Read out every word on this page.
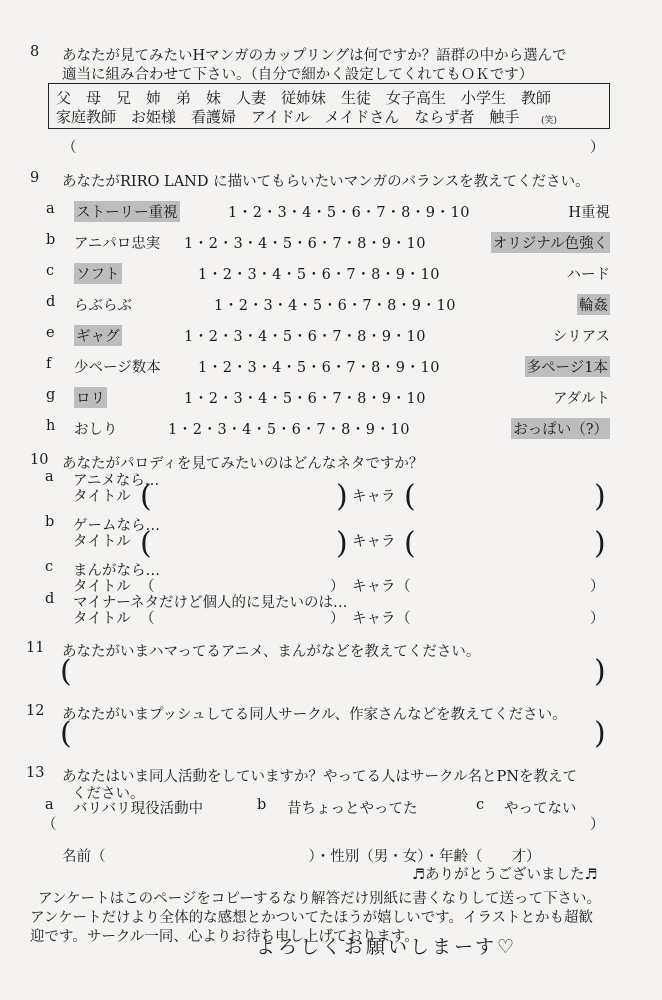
8 あなたが見てみたいHマンガのカップリングは何ですか？語群の中から選んで
適当に組み合わせて下さい。（自分で細かく設定してくれてもＯＫです）
父　母　兄　姉　弟　妹　人妻　従姉妹　生徒　女子高生　小学生　教師
家庭教師　お姫様　看護婦　アイドル　メイドさん　ならず者　触手 (笑)
（	）
9 あなたがRIRO LAND に描いてもらいたいマンガのバランスを教えてください。
a ストーリー重視	1・2・3・4・5・6・7・8・9・10	H重視
b アニパロ忠実 1・2・3・4・5・6・7・8・9・10	オリジナル色強く
c ソフト	1・2・3・4・5・6・7・8・9・10	ハード
d らぶらぶ	1・2・3・4・5・6・7・8・9・10	輪姦
e ギャグ	1・2・3・4・5・6・7・8・9・10	シリアス
f 少ページ数本	1・2・3・4・5・6・7・8・9・10	多ページ1本
g ロリ	1・2・3・4・5・6・7・8・9・10	アダルト
h おしり	1・2・3・4・5・6・7・8・9・10	おっぱい（?）
10 あなたがパロディを見てみたいのはどんなネタですか？
a アニメなら…
タイトル (	) キャラ (	)
b ゲームなら…
タイトル (	) キャラ (	)
c まんがなら…
タイトル （	） キャラ （	）
d マイナーネタだけど個人的に見たいのは…
タイトル （	） キャラ （	）
11 あなたがいまハマってるアニメ、まんがなどを教えてください。
(	)
12 あなたがいまプッシュしてる同人サークル、作家さんなどを教えてください。
(	)
13 あなたはいま同人活動をしていますか？やってる人はサークル名とPNを教えて
ください。
a バリバリ現役活動中	b 昔ちょっとやってた	c やってない
（	）
名前（　　　　　　　　　　　　　　）・性別（男・女）・年齢（　　才）
♬ありがとうございました♬
アンケートはこのページをコピーするなり解答だけ別紙に書くなりして送って下さい。
アンケートだけより全体的な感想とかついてたほうが嬉しいです。イラストとかも超歓
迎です。サークル一同、心よりお待ち申し上げております。
よろしくお願いしまーす♡
